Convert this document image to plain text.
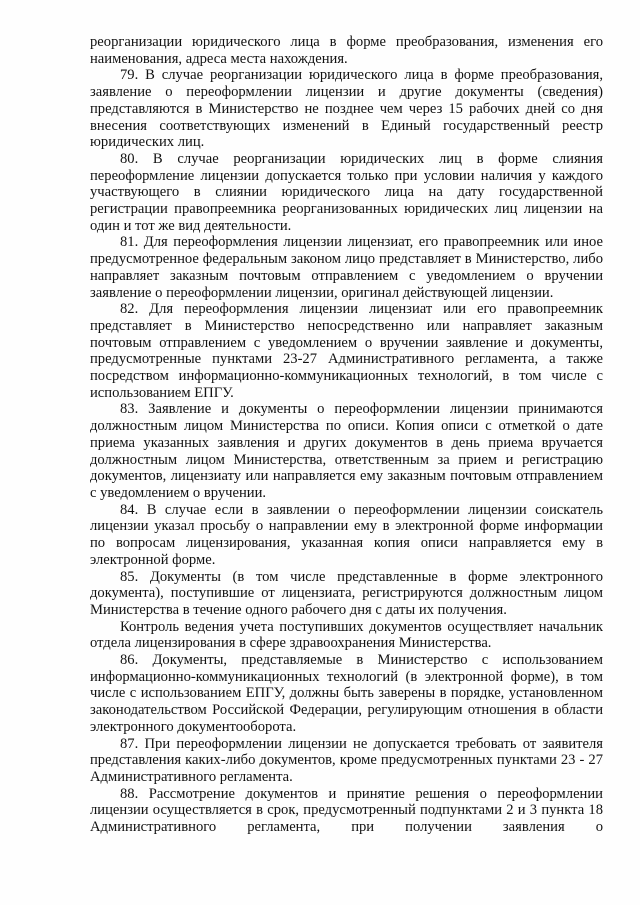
реорганизации юридического лица в форме преобразования, изменения его наименования, адреса места нахождения.

79. В случае реорганизации юридического лица в форме преобразования, заявление о переоформлении лицензии и другие документы (сведения) представляются в Министерство не позднее чем через 15 рабочих дней со дня внесения соответствующих изменений в Единый государственный реестр юридических лиц.

80. В случае реорганизации юридических лиц в форме слияния переоформление лицензии допускается только при условии наличия у каждого участвующего в слиянии юридического лица на дату государственной регистрации правопреемника реорганизованных юридических лиц лицензии на один и тот же вид деятельности.

81. Для переоформления лицензии лицензиат, его правопреемник или иное предусмотренное федеральным законом лицо представляет в Министерство, либо направляет заказным почтовым отправлением с уведомлением о вручении заявление о переоформлении лицензии, оригинал действующей лицензии.

82. Для переоформления лицензии лицензиат или его правопреемник представляет в Министерство непосредственно или направляет заказным почтовым отправлением с уведомлением о вручении заявление и документы, предусмотренные пунктами 23-27 Административного регламента, а также посредством информационно-коммуникационных технологий, в том числе с использованием ЕПГУ.

83. Заявление и документы о переоформлении лицензии принимаются должностным лицом Министерства по описи. Копия описи с отметкой о дате приема указанных заявления и других документов в день приема вручается должностным лицом Министерства, ответственным за прием и регистрацию документов, лицензиату или направляется ему заказным почтовым отправлением с уведомлением о вручении.

84. В случае если в заявлении о переоформлении лицензии соискатель лицензии указал просьбу о направлении ему в электронной форме информации по вопросам лицензирования, указанная копия описи направляется ему в электронной форме.

85. Документы (в том числе представленные в форме электронного документа), поступившие от лицензиата, регистрируются должностным лицом Министерства в течение одного рабочего дня с даты их получения.

Контроль ведения учета поступивших документов осуществляет начальник отдела лицензирования в сфере здравоохранения Министерства.

86. Документы, представляемые в Министерство с использованием информационно-коммуникационных технологий (в электронной форме), в том числе с использованием ЕПГУ, должны быть заверены в порядке, установленном законодательством Российской Федерации, регулирующим отношения в области электронного документооборота.

87. При переоформлении лицензии не допускается требовать от заявителя представления каких-либо документов, кроме предусмотренных пунктами 23 - 27 Административного регламента.

88. Рассмотрение документов и принятие решения о переоформлении лицензии осуществляется в срок, предусмотренный подпунктами 2 и 3 пункта 18 Административного регламента, при получении заявления о
